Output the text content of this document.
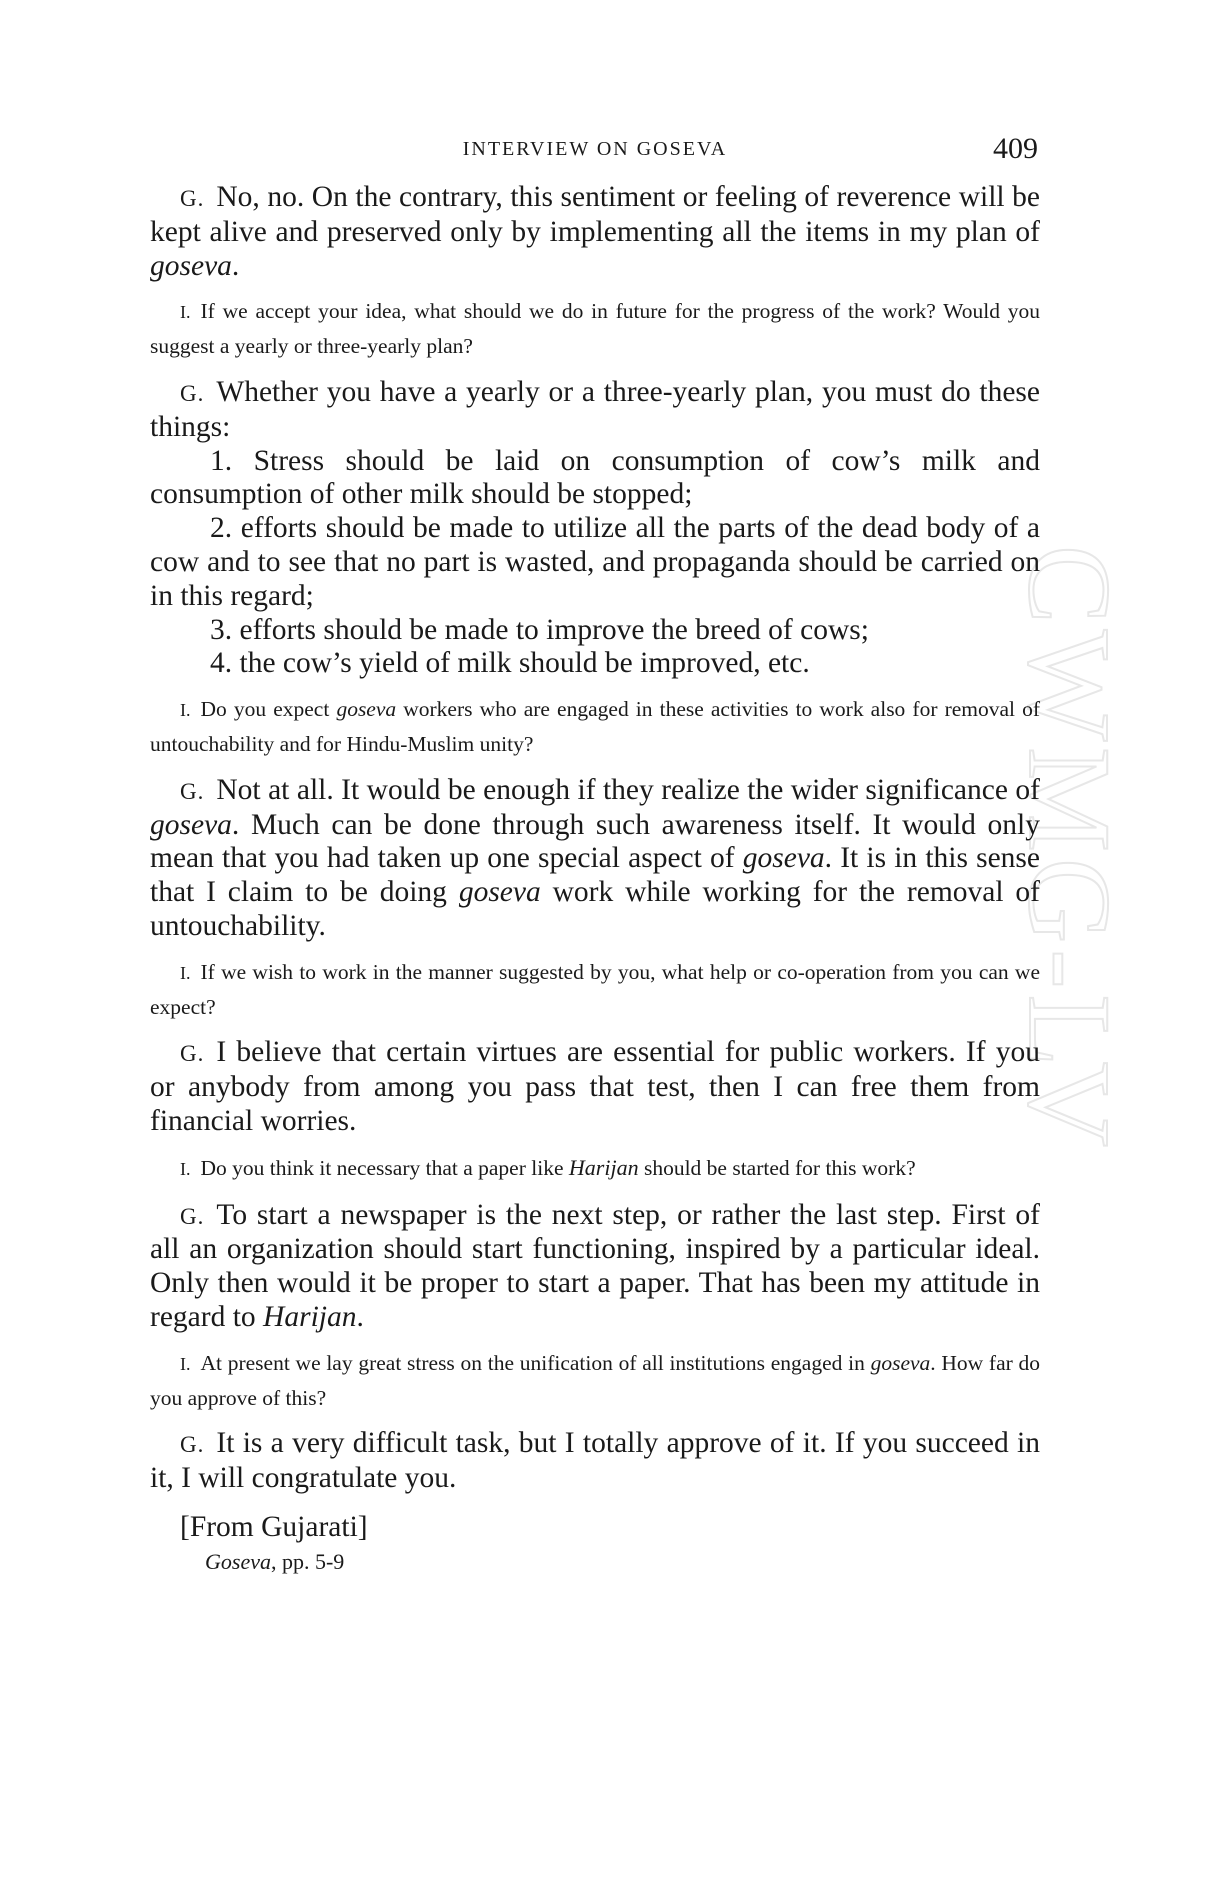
CWMG-LV
INTERVIEW ON GOSEVA	409

G. No, no. On the contrary, this sentiment or feeling of reverence will be kept alive and preserved only by implementing all the items in my plan of goseva.

I. If we accept your idea, what should we do in future for the progress of the work? Would you suggest a yearly or three-yearly plan?

G. Whether you have a yearly or a three-yearly plan, you must do these things:
1. Stress should be laid on consumption of cow’s milk and consumption of other milk should be stopped;
2. efforts should be made to utilize all the parts of the dead body of a cow and to see that no part is wasted, and propaganda should be carried on in this regard;
3. efforts should be made to improve the breed of cows;
4. the cow’s yield of milk should be improved, etc.

I. Do you expect goseva workers who are engaged in these activities to work also for removal of untouchability and for Hindu-Muslim unity?

G. Not at all. It would be enough if they realize the wider significance of goseva. Much can be done through such awareness itself. It would only mean that you had taken up one special aspect of goseva. It is in this sense that I claim to be doing goseva work while working for the removal of untouchability.

I. If we wish to work in the manner suggested by you, what help or co-operation from you can we expect?

G. I believe that certain virtues are essential for public workers. If you or anybody from among you pass that test, then I can free them from financial worries.

I. Do you think it necessary that a paper like Harijan should be started for this work?

G. To start a newspaper is the next step, or rather the last step. First of all an organization should start functioning, inspired by a particular ideal. Only then would it be proper to start a paper. That has been my attitude in regard to Harijan.

I. At present we lay great stress on the unification of all institutions engaged in goseva. How far do you approve of this?

G. It is a very difficult task, but I totally approve of it. If you succeed in it, I will congratulate you.

[From Gujarati]
Goseva, pp. 5-9
